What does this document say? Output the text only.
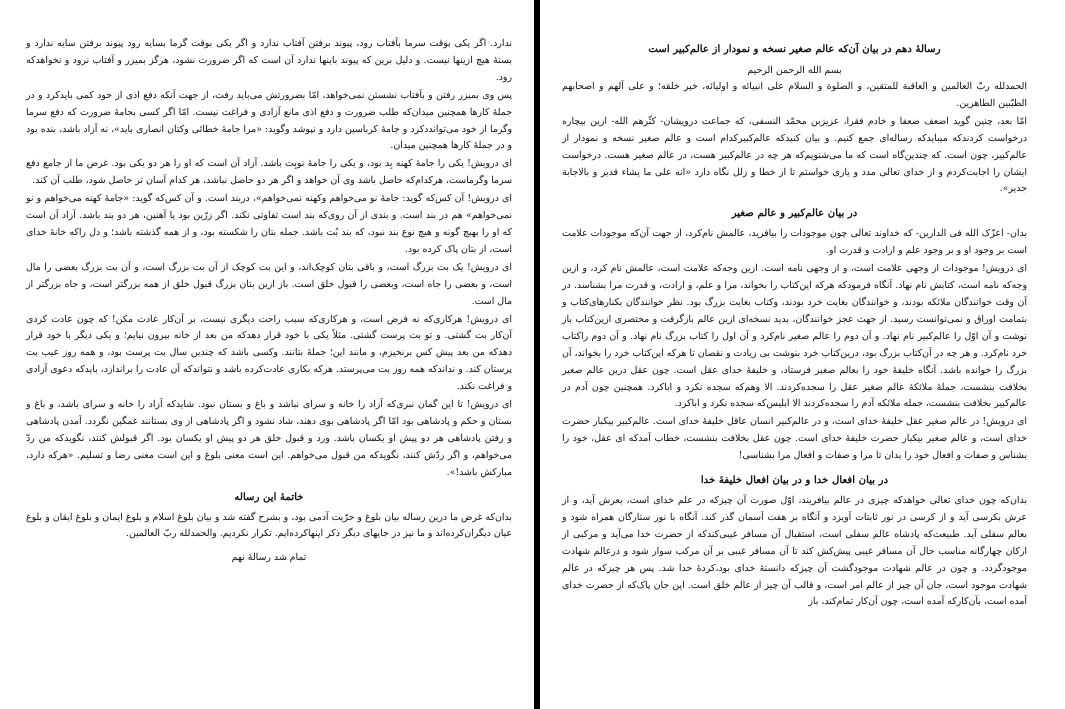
ندارد. اگر یکی بوقت سرما بآفتاب رود، پیوند برفتن آفتاب ندارد و اگر یکی بوقت گرما بسایه رود پیوند برفتن سایه ندارد و بستهٔ هیچ ازینها نیست. و دلیل برین که پیوند باینها ندارد آن است که اگر ضرورت نشود، هرگز بمیزر و آفتاب نرود و نخواهدکه رود.

پس وی بمیزر رفتن و بآفتاب نشستن نمی‌خواهد، امّا بضرورتش می‌باید رفت، از جهت آنکه دفع اذی از خود کمی بایدکرد و در جملهٔ کارها همچنین میدان‌که طلب ضرورت و دفع اذی مانع آزادی و فراغت نیست. امّا اگر کسی بجامهٔ ضرورت که دفع سرما وگرما از خود می‌توانددکرد و جامهٔ کرباسین دارد و نپوشد وگوید: «مرا جامهٔ خطائی وکتان انصاری باید»، نه آزاد باشد، بنده بود و در جملهٔ کارها همچنین میدان.

ای درویش! یکی را جامهٔ کهنه بِد بود، و یکی را جامهٔ نوبِت باشد. آزاد آن است که او را هر دو یکی بود. غرض ما از جامع دفع سرما وگرماست، هرکدام‌که حاصل باشد وی آن خواهد و اگر هر دو حاصل نباشد، هر کدام آسان تر حاصل شود، طلب آن کند.

ای درویش! آن کس‌که گوید: جامهٔ نو می‌خواهم وکهنه نمی‌خواهم»، دربند است. و آن کس‌که گوید: «جامهٔ کهنه می‌خواهم و نو نمی‌خواهم» هم در بند است. و بندی از آن روی‌که بند است تفاوتی نکند. اگر زرّین بود یا آهنین، هر دو بند باشد. آزاد آن است که او را بهیچ گونه و هیچ نوع بند نبود، که بند بُت باشد. جمله بتان را شکسته بود، و از همه گذشته باشد؛ و دل راکه خانهٔ خدای است، از بتان پاک کرده بود.

ای درویش! یک بت بزرگ است، و باقی بتان کوچک‌اند، و این بت کوچک از آن بت بزرگ است، و آن بت بزرگ بعضی را مال است، و بعضی را جاه است، وبعضی را قبول خلق است. باز ازین بتان بزرگ قبول خلق از همه بزرگتر است، و جاه بزرگتر از مال است.

ای درویش! هرکاری‌که نه فرض است، و هرکاری‌که سبب راحت دیگری نیست، بر آن‌کار عادت مکن! که چون عادت کردی آن‌کار بت گشتی. و تو بت پرست گشتی. مثلاً یکی با خود قرار دهدکه من بعد از خانه بیرون نیایم؛ و یکی دیگر با خود قرار دهدکه من بعد پیش کس برنخیزم، و مانند این؛ جملهٔ بتانند. وکسی باشد که چندین سال بت پرست بود، و همه روز عیب بت پرستان کند. و نداندکه همه روز بت می‌پرستد. هرکه بکاری عادت‌کرده باشد و نتواندکه آن عادت را براندازد، بایدکه دعوی آزادی و فراغت نکند.

ای درویش! تا این گمان نبری‌که آزاد را خانه و سرای نباشد و باغ و بستان نبود. شایدکه آزاد را خانه و سرای باشد، و باغ و بستان و حکم و پادشاهی بود امّا اگر پادشاهی بوی دهند، شاد نشود و اگر پادشاهی از وی بستانند غمگین نگردد. آمدن پادشاهی و رفتن پادشاهی هر دو پیش او یکسان باشد. ورد و قبول خلق هر دو پیش او یکسان بود. اگر قبولش کنند، نگویدکه من ردّ می‌خواهم، و اگر ردّش کنند، نگویدکه من قبول می‌خواهم. این است معنی بلوغ و این است معنی رضا و تسلیم. «هرکه دارد، مبارکش باشد!».

خاتمهٔ این رساله

بدان‌که غرض ما درین رساله بیان بلوغ و حرّیت آدمی بود، و بشرح گفته شد و بیان بلوغ اسلام و بلوغ ایمان و بلوغ ایقان و بلوغ عیان دیگران‌کرده‌اند و ما نیز در جایهای دیگر ذکر اینها‌کرده‌ایم. تکرار نکردیم. والحمدلله ربّ العالمین.

تمام شد رسالهٔ نهم

رسالهٔ دهم در بیان آن‌که عالم صغیر نسخه و نمودار از عالم‌کبیر است

بسم الله الرحمن الرحیم

الحمدلله ربّ العالمین و العاقبة للمتقین، و الصلوة و السلام علی انبیائه و اولیائه، خیر خلقه؛ و علی آلهم و اصحابهم الطیّبین الطاهرین.

امّا بعد، چنین گوید اضعف ضعفا و خادم فقرا، عزیزبن محمّد النسفی، که جماعت درویشان- کثّرهم الله- ازین بیچاره درخواست کردندکه میبایدکه رساله‌ای جمع کنیم. و بیان کنیدکه عالم‌کبیرکدام است و عالم صغیر نسخه و نمودار از عالم‌کبیر، چون است. که چندین‌گاه است که ما می‌شنویم‌که هر چه در عالم‌کبیر هست، در عالم صغیر هست. درخواست ایشان را اجابت‌کردم و از خدای تعالی مدد و یاری خواستم تا از خطا و زلل نگاه دارد «انه علی ما یشاء قدیر و بالاجابة جدیر».

در بیان عالم‌کبیر و عالم صغیر

بدان- اعزّک الله فی الدارین- که خداوند تعالی چون موجودات را بیافرید، عالمش نام‌کرد، از جهت آن‌که موجودات علامت است بر وجود او و بر وجود علم و ارادت و قدرت او.

ای درویش! موجودات از وجهی علامت است، و از وجهی نامه است. ازین وجه‌که علامت است، عالمش نام کرد، و ازین وجه‌که نامه است، کتابش نام نهاد. آنگاه فرمودکه هرکه این‌کتاب را بخواند، مرا و علم، و ارادت، و قدرت مرا بشناسد. در آن وقت خوانندگان ملائکه بودند، و خوانندگان بغایت خرد بودند، وکتاب بغایت بزرگ بود. نظر خوانندگان بکنارهای‌کتاب و بتمامت اوراق و نمی‌توانست رسید. از جهت عجز خوانندگان، بدید نسخه‌ای ازین عالم بازگرفت و مختصری ازین‌کتاب باز نوشت و آن اوّل را عالم‌کبیر نام نهاد. و آن دوم را عالم صغیر نام‌کرد و آن اول را کتاب بزرگ نام نهاد. و آن دوم راکتاب خرد نام‌کرد. و هر چه در آن‌کتاب بزرگ بود، درین‌کتاب خرد بنوشت بی زیادت و نقصان تا هرکه این‌کتاب خرد را بخواند، آن بزرگ را خوانده باشد. آنگاه خلیفهٔ خود را بعالم صغیر فرستاد، و خلیفهٔ خدای عقل است. چون عقل درین عالم صغیر بخلافت بنشست، جملهٔ ملائکهٔ عالم صغیر عقل را سجده‌کردند. الا وهم‌که سجده نکرد و اباکرد. همچنین چون آدم در عالم‌کبیر بخلافت بنشست، جمله ملائکه آدم را سجده‌کردند الا ابلیس‌که سجده نکرد و اباکرد.

ای درویش! در عالم صغیر عقل خلیفهٔ خدای است، و در عالم‌کبیر انسان عاقل خلیفهٔ خدای است. عالم‌کبیر بیکبار حضرت خدای است، و عالم صغیر بیکبار حضرت خلیفهٔ خدای است. چون عقل بخلافت بنشست، خطاب آمدکه ای عقل، خود را بشناس و صفات و افعال خود را بدان تا مرا و صفات و افعال مرا بشناسی!

در بیان افعال خدا و در بیان افعال خلیفهٔ خدا

بدان‌که چون خدای تعالی خواهدکه چیزی در عالم بیافریند، اوّل صورت آن چیزکه در علم خدای است، بعرش آید، و از عرش بکرسی آید و از کرسی در نور ثابتات آویزد و آنگاه بر هفت آسمان گذر کند. آنگاه با نور ستارگان همراه شود و بعالم سفلی آید. طبیعت‌که پادشاه عالم سفلی است، استقبال آن مسافر غیبی‌کندکه از حضرت خدا می‌آید و مرکبی از ارکان چهارگانه مناسب حال آن مسافر غیبی پیش‌کش کند تا آن مسافر غیبی بر آن مرکب سوار شود و درعالم شهادت موجود‌گردد. و چون در عالم شهادت موجودگشت آن چیزکه دانستهٔ خدای بود،کردهٔ خدا شد. پس هر چیزکه در عالم شهادت موجود است، جان آن چیز از عالم امر است، و قالب آن چیز از عالم خلق است. این جان پاک‌که از حضرت خدای آمده است، بآن‌کارکه آمده است، چون آن‌کار تمام‌کند، باز
